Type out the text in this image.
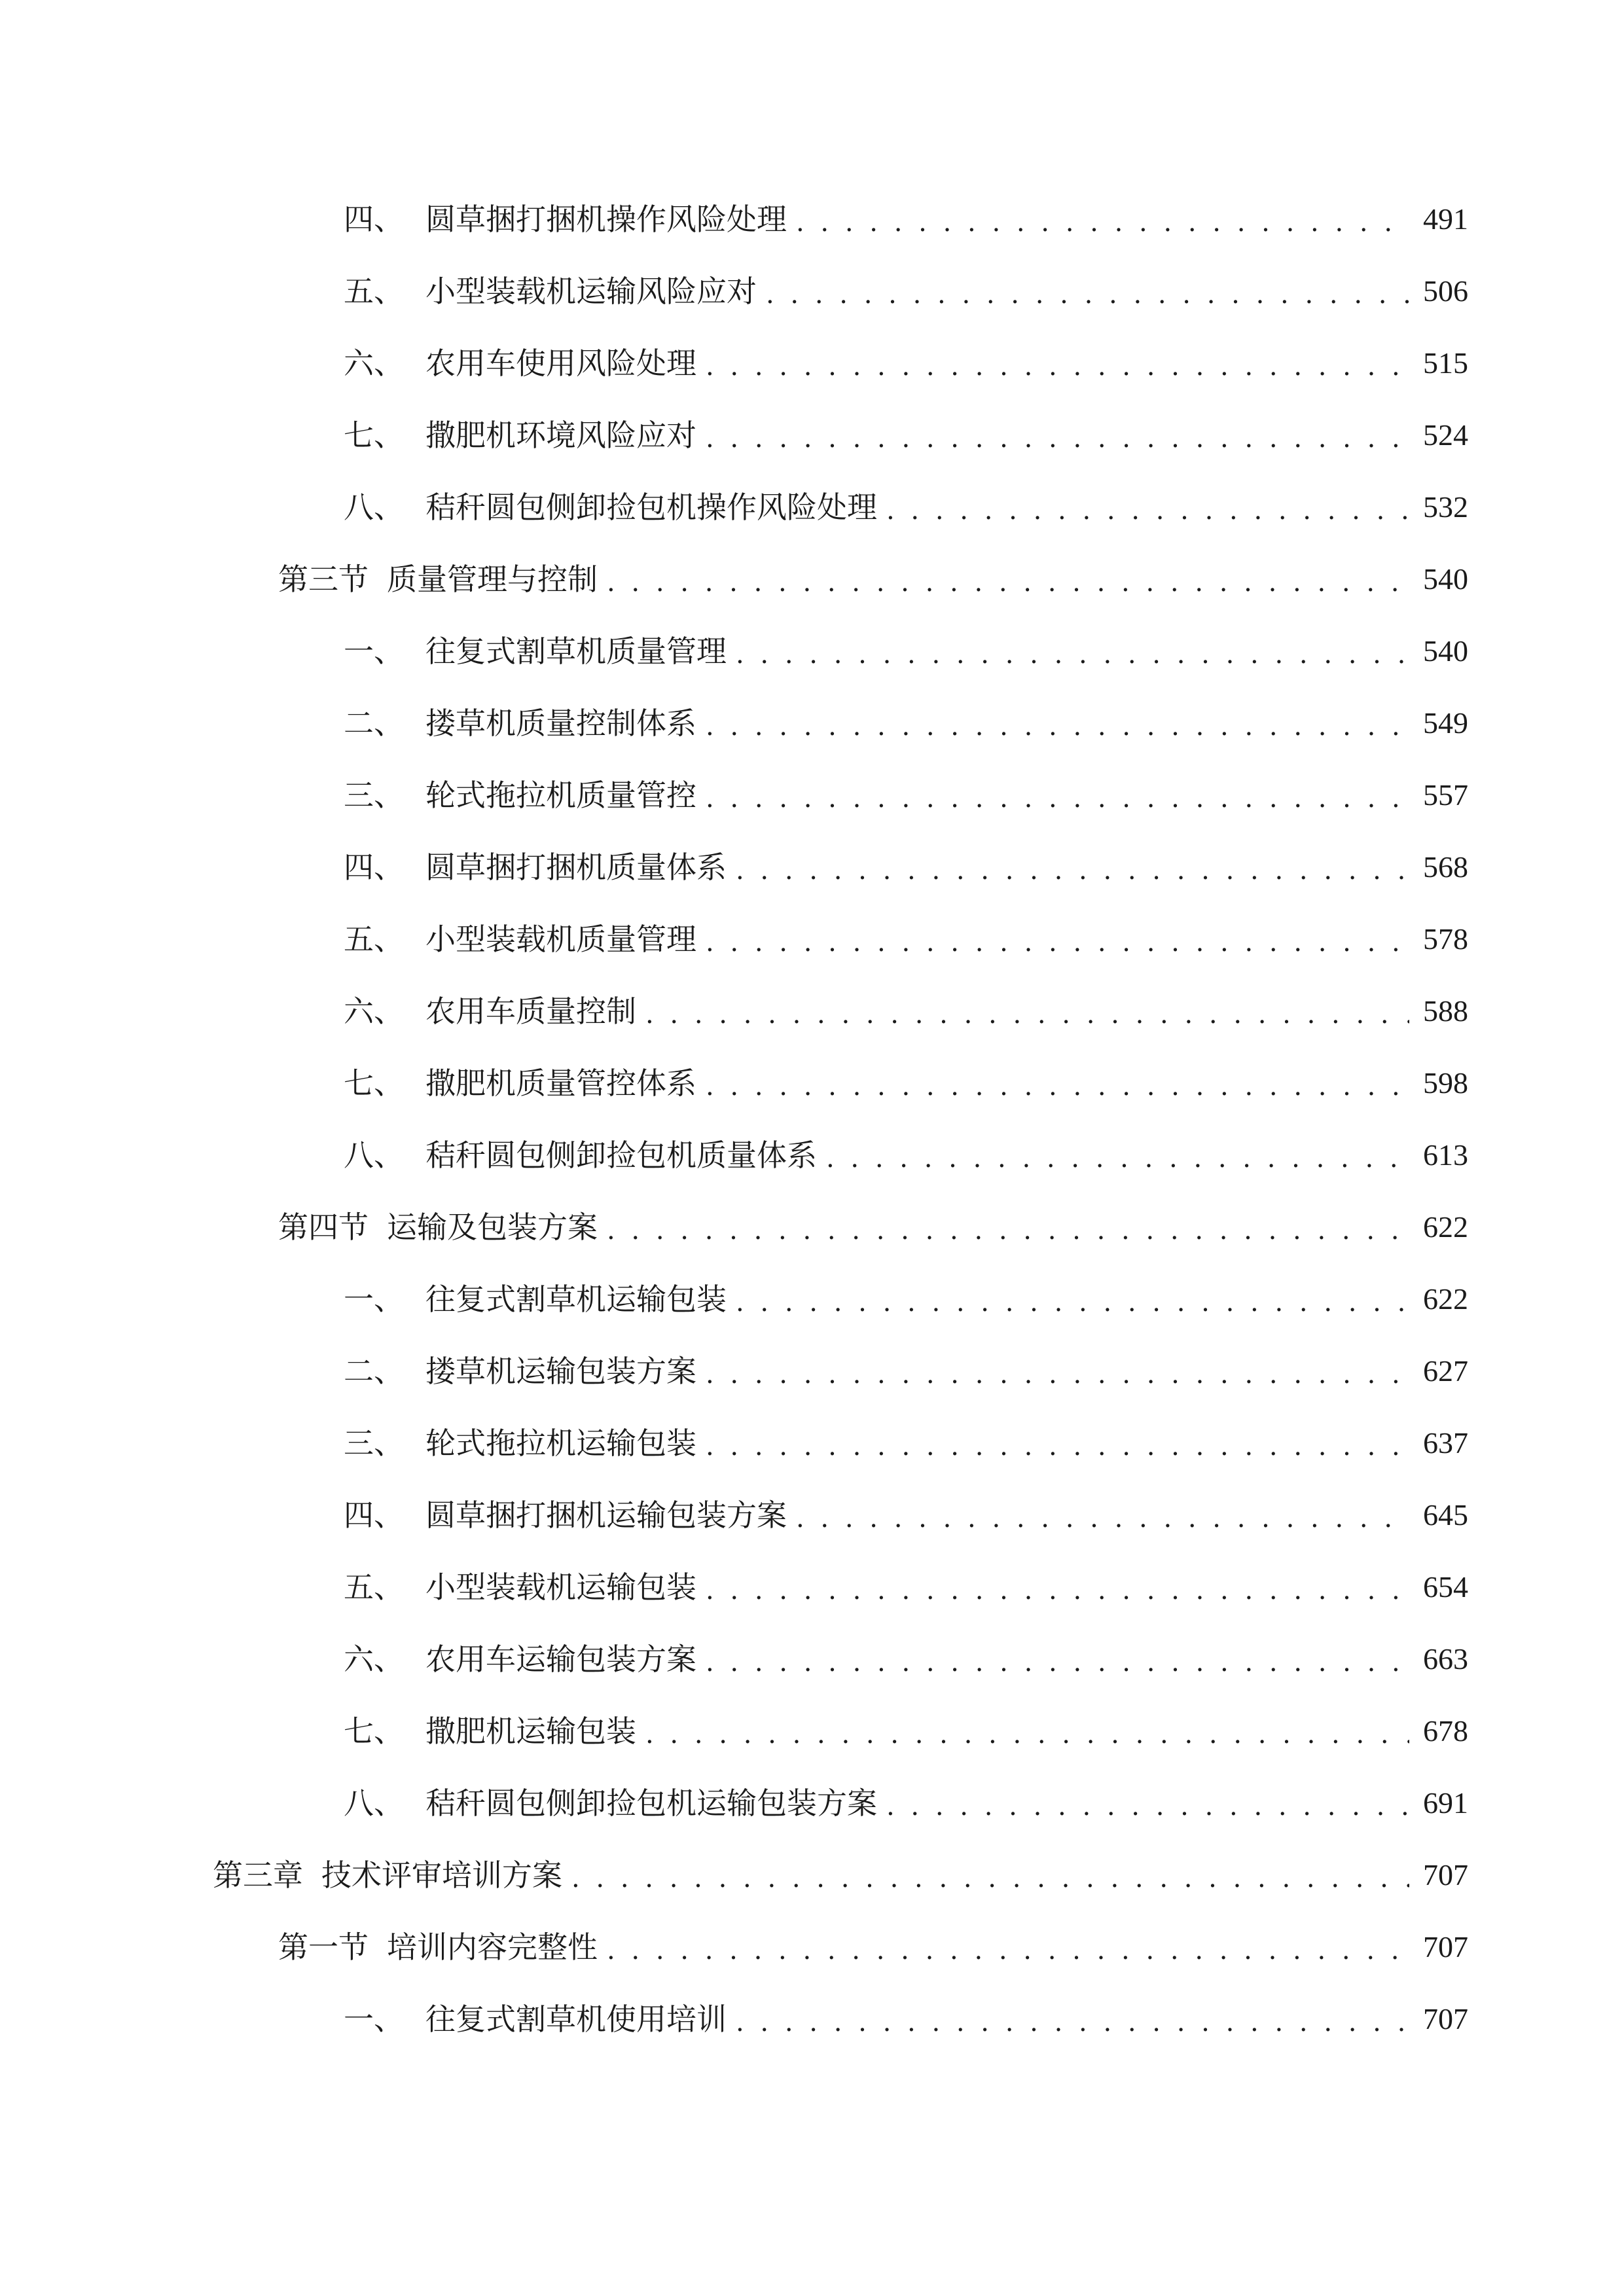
四、 圆草捆打捆机操作风险处理 . . .	491
五、 小型装载机运输风险应对 . . .	506
六、 农用车使用风险处理 . . .	515
七、 撒肥机环境风险应对 . . .	524
八、 秸秆圆包侧卸捡包机操作风险处理 . . .	532
第三节 质量管理与控制 . . .	540
一、 往复式割草机质量管理 . . .	540
二、 搂草机质量控制体系 . . .	549
三、 轮式拖拉机质量管控 . . .	557
四、 圆草捆打捆机质量体系 . . .	568
五、 小型装载机质量管理 . . .	578
六、 农用车质量控制 . . .	588
七、 撒肥机质量管控体系 . . .	598
八、 秸秆圆包侧卸捡包机质量体系 . . .	613
第四节 运输及包装方案 . . .	622
一、 往复式割草机运输包装 . . .	622
二、 搂草机运输包装方案 . . .	627
三、 轮式拖拉机运输包装 . . .	637
四、 圆草捆打捆机运输包装方案 . . .	645
五、 小型装载机运输包装 . . .	654
六、 农用车运输包装方案 . . .	663
七、 撒肥机运输包装 . . .	678
八、 秸秆圆包侧卸捡包机运输包装方案 . . .	691
第三章 技术评审培训方案 . . .	707
第一节 培训内容完整性 . . .	707
一、 往复式割草机使用培训 . . .	707
